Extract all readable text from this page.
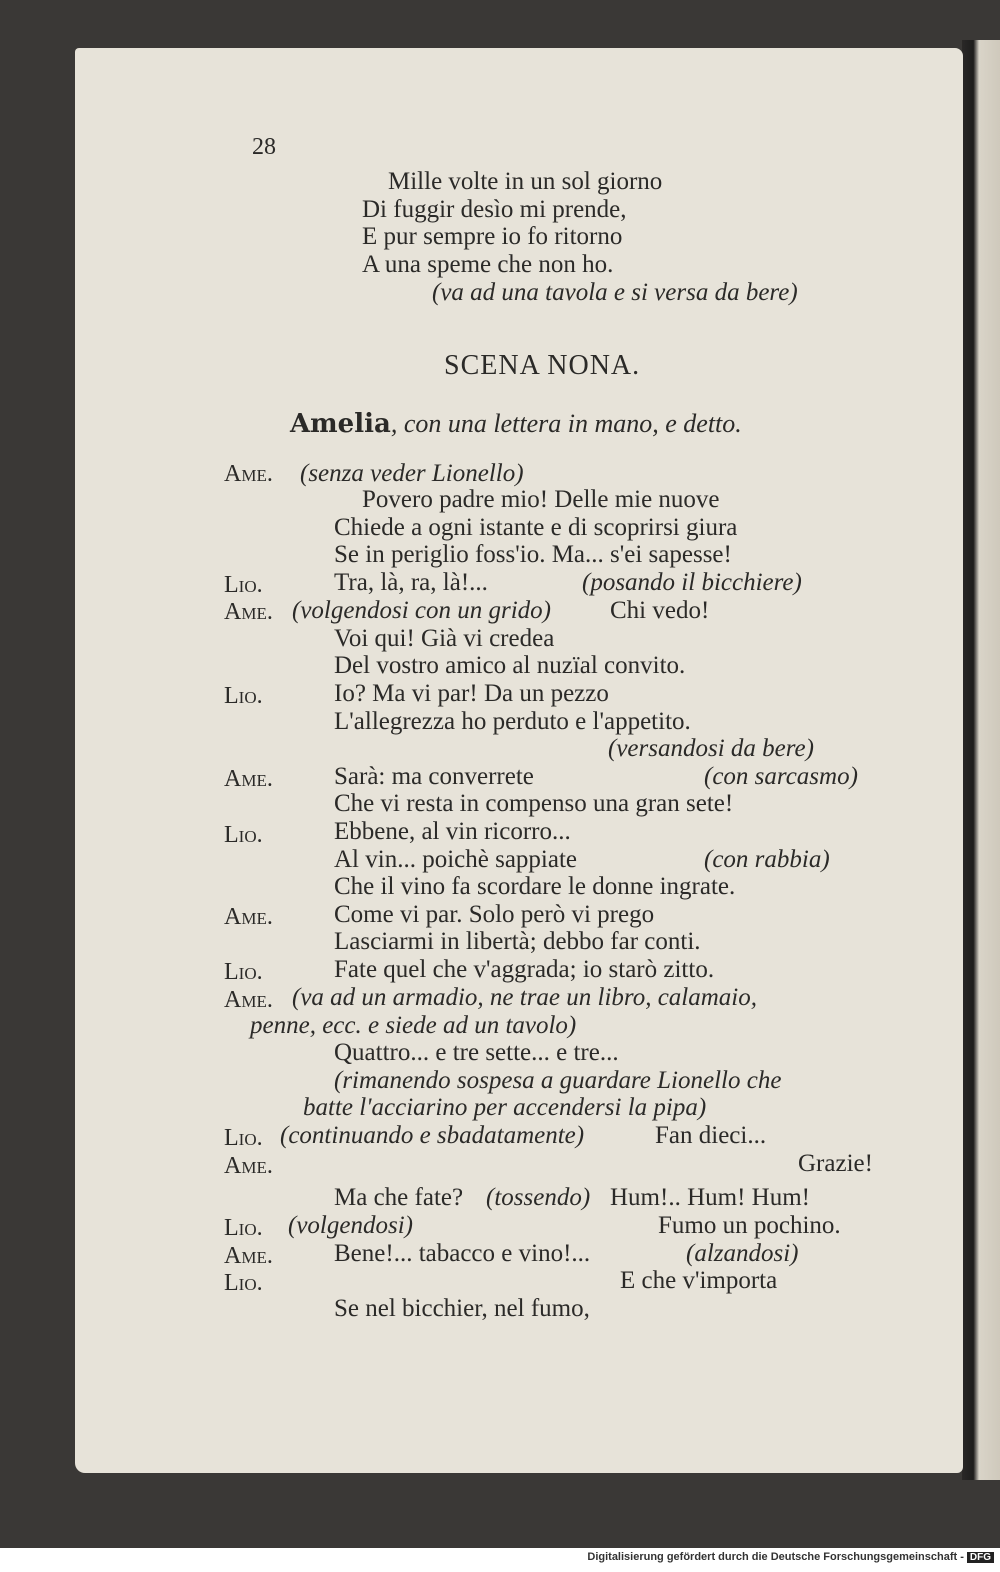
28
Mille volte in un sol giorno
Di fuggir desìo mi prende,
E pur sempre io fo ritorno
A una speme che non ho.
(va ad una tavola e si versa da bere)
SCENA NONA.
Amelia, con una lettera in mano, e detto.
Ame. (senza veder Lionello)
Povero padre mio! Delle mie nuove
Chiede a ogni istante e di scoprirsi giura
Se in periglio foss'io. Ma... s'ei sapesse!
Lio.	Tra, là, ra, là!...	(posando il bicchiere)
Ame. (volgendosi con un grido) Chi vedo!
Voi qui! Già vi credea
Del vostro amico al nuzïal convito.
Lio.	Io? Ma vi par! Da un pezzo
L'allegrezza ho perduto e l'appetito.
(versandosi da bere)
Ame. Sarà: ma converrete	(con sarcasmo)
Che vi resta in compenso una gran sete!
Lio.	Ebbene, al vin ricorro...
Al vin... poichè sappiate	(con rabbia)
Che il vino fa scordare le donne ingrate.
Ame. Come vi par. Solo però vi prego
Lasciarmi in libertà; debbo far conti.
Lio.	Fate quel che v'aggrada; io starò zitto.
Ame. (va ad un armadio, ne trae un libro, calamaio,
penne, ecc. e siede ad un tavolo)
Quattro... e tre sette... e tre...
(rimanendo sospesa a guardare Lionello che
batte l'acciarino per accendersi la pipa)
Lio. (continuando e sbadatamente)	Fan dieci...
Ame.	Grazie!
Ma che fate? (tossendo) Hum!.. Hum! Hum!
Lio. (volgendosi)	Fumo un pochino.
Ame. Bene!... tabacco e vino!...	(alzandosi)
Lio.	E che v'importa
Se nel bicchier, nel fumo,
Digitalisierung gefördert durch die Deutsche Forschungsgemeinschaft - DFG
